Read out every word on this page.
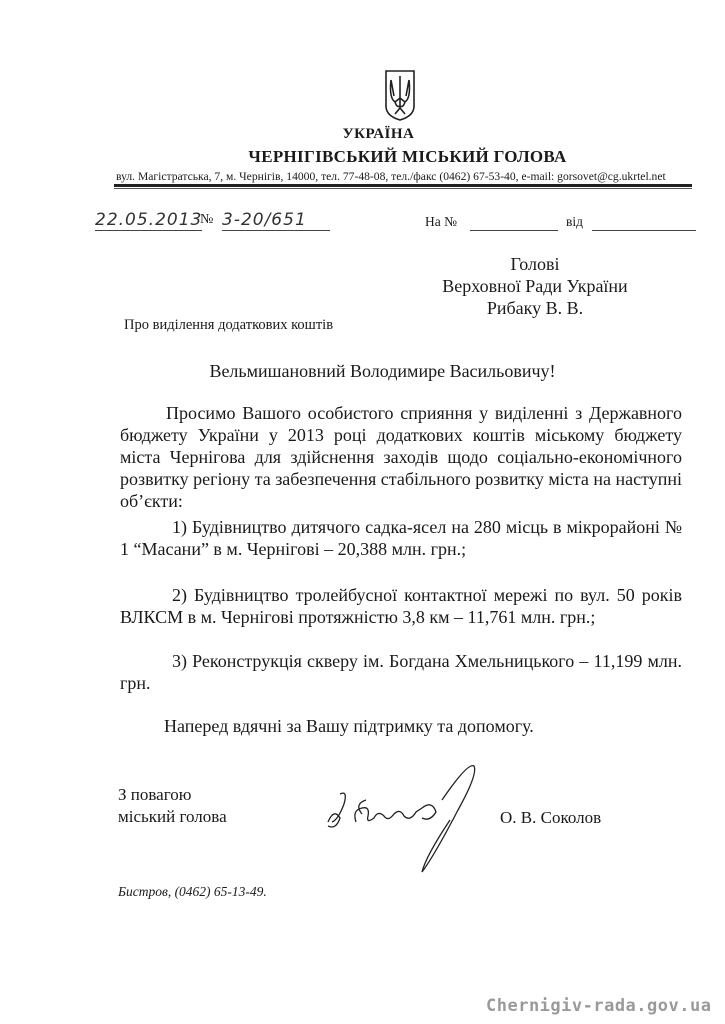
УКРАЇНА
ЧЕРНІГІВСЬКИЙ МІСЬКИЙ ГОЛОВА
вул. Магістратська, 7, м. Чернігів, 14000, тел. 77-48-08, тел./факс (0462) 67-53-40, e-mail: gorsovet@cg.ukrtel.net
22.05.2013
№ 3-20/651	На №	від
Голові
Верховної Ради України
Рибаку В. В.
Про виділення додаткових коштів
Вельмишановний Володимире Васильовичу!
Просимо Вашого особистого сприяння у виділенні з Державного бюджету України у 2013 році додаткових коштів міському бюджету міста Чернігова для здійснення заходів щодо соціально-економічного розвитку регіону та забезпечення стабільного розвитку міста на наступні об’єкти:
1) Будівництво дитячого садка-ясел на 280 місць в мікрорайоні № 1 “Масани” в м. Чернігові – 20,388 млн. грн.;
2) Будівництво тролейбусної контактної мережі по вул. 50 років ВЛКСМ в м. Чернігові протяжністю 3,8 км – 11,761 млн. грн.;
3) Реконструкція скверу ім. Богдана Хмельницького – 11,199 млн. грн.
Наперед вдячні за Вашу підтримку та допомогу.
З повагою
міський голова	О. В. Соколов
Бистров, (0462) 65-13-49.
Chernigiv-rada.gov.ua
